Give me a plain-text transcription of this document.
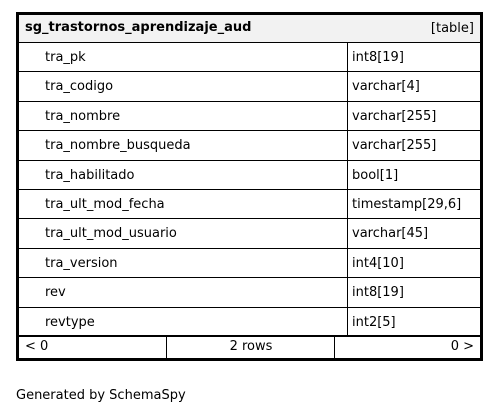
sg_trastornos_aprendizaje_aud	[table]
tra_pk	int8[19]
tra_codigo	varchar[4]
tra_nombre	varchar[255]
tra_nombre_busqueda	varchar[255]
tra_habilitado	bool[1]
tra_ult_mod_fecha	timestamp[29,6]
tra_ult_mod_usuario	varchar[45]
tra_version	int4[10]
rev	int8[19]
revtype	int2[5]
< 0	2 rows	0 >
Generated by SchemaSpy
